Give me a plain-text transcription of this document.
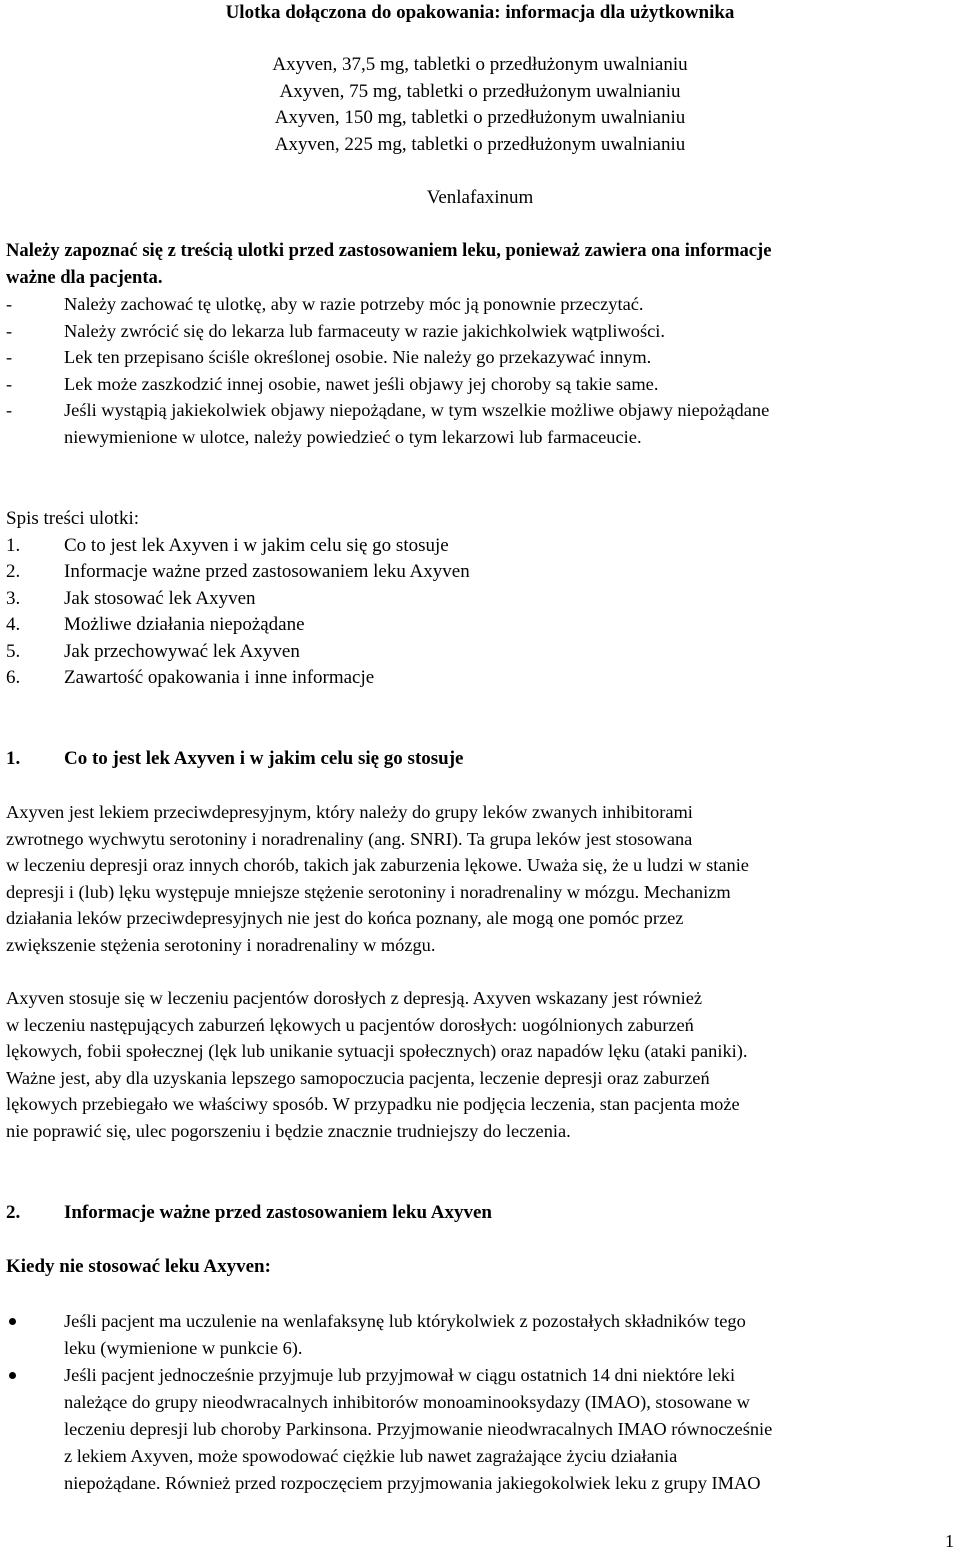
Ulotka dołączona do opakowania: informacja dla użytkownika
Axyven, 37,5 mg, tabletki o przedłużonym uwalnianiu
Axyven, 75 mg, tabletki o przedłużonym uwalnianiu
Axyven, 150 mg, tabletki o przedłużonym uwalnianiu
Axyven, 225 mg, tabletki o przedłużonym uwalnianiu
Venlafaxinum
Należy zapoznać się z treścią ulotki przed zastosowaniem leku, ponieważ zawiera ona informacje
ważne dla pacjenta.
-	Należy zachować tę ulotkę, aby w razie potrzeby móc ją ponownie przeczytać.
-	Należy zwrócić się do lekarza lub farmaceuty w razie jakichkolwiek wątpliwości.
-	Lek ten przepisano ściśle określonej osobie. Nie należy go przekazywać innym.
-	Lek może zaszkodzić innej osobie, nawet jeśli objawy jej choroby są takie same.
-	Jeśli wystąpią jakiekolwiek objawy niepożądane, w tym wszelkie możliwe objawy niepożądane
niewymienione w ulotce, należy powiedzieć o tym lekarzowi lub farmaceucie.
Spis treści ulotki:
1. Co to jest lek Axyven i w jakim celu się go stosuje
2. Informacje ważne przed zastosowaniem leku Axyven
3. Jak stosować lek Axyven
4. Możliwe działania niepożądane
5. Jak przechowywać lek Axyven
6. Zawartość opakowania i inne informacje
1. Co to jest lek Axyven i w jakim celu się go stosuje
Axyven jest lekiem przeciwdepresyjnym, który należy do grupy leków zwanych inhibitorami
zwrotnego wychwytu serotoniny i noradrenaliny (ang. SNRI). Ta grupa leków jest stosowana
w leczeniu depresji oraz innych chorób, takich jak zaburzenia lękowe. Uważa się, że u ludzi w stanie
depresji i (lub) lęku występuje mniejsze stężenie serotoniny i noradrenaliny w mózgu. Mechanizm
działania leków przeciwdepresyjnych nie jest do końca poznany, ale mogą one pomóc przez
zwiększenie stężenia serotoniny i noradrenaliny w mózgu.
Axyven stosuje się w leczeniu pacjentów dorosłych z depresją. Axyven wskazany jest również
w leczeniu następujących zaburzeń lękowych u pacjentów dorosłych: uogólnionych zaburzeń
lękowych, fobii społecznej (lęk lub unikanie sytuacji społecznych) oraz napadów lęku (ataki paniki).
Ważne jest, aby dla uzyskania lepszego samopoczucia pacjenta, leczenie depresji oraz zaburzeń
lękowych przebiegało we właściwy sposób. W przypadku nie podjęcia leczenia, stan pacjenta może
nie poprawić się, ulec pogorszeniu i będzie znacznie trudniejszy do leczenia.
2. Informacje ważne przed zastosowaniem leku Axyven
Kiedy nie stosować leku Axyven:
Jeśli pacjent ma uczulenie na wenlafaksynę lub którykolwiek z pozostałych składników tego
leku (wymienione w punkcie 6).
Jeśli pacjent jednocześnie przyjmuje lub przyjmował w ciągu ostatnich 14 dni niektóre leki
należące do grupy nieodwracalnych inhibitorów monoaminooksydazy (IMAO), stosowane w
leczeniu depresji lub choroby Parkinsona. Przyjmowanie nieodwracalnych IMAO równocześnie
z lekiem Axyven, może spowodować ciężkie lub nawet zagrażające życiu działania
niepożądane. Również przed rozpoczęciem przyjmowania jakiegokolwiek leku z grupy IMAO
1
